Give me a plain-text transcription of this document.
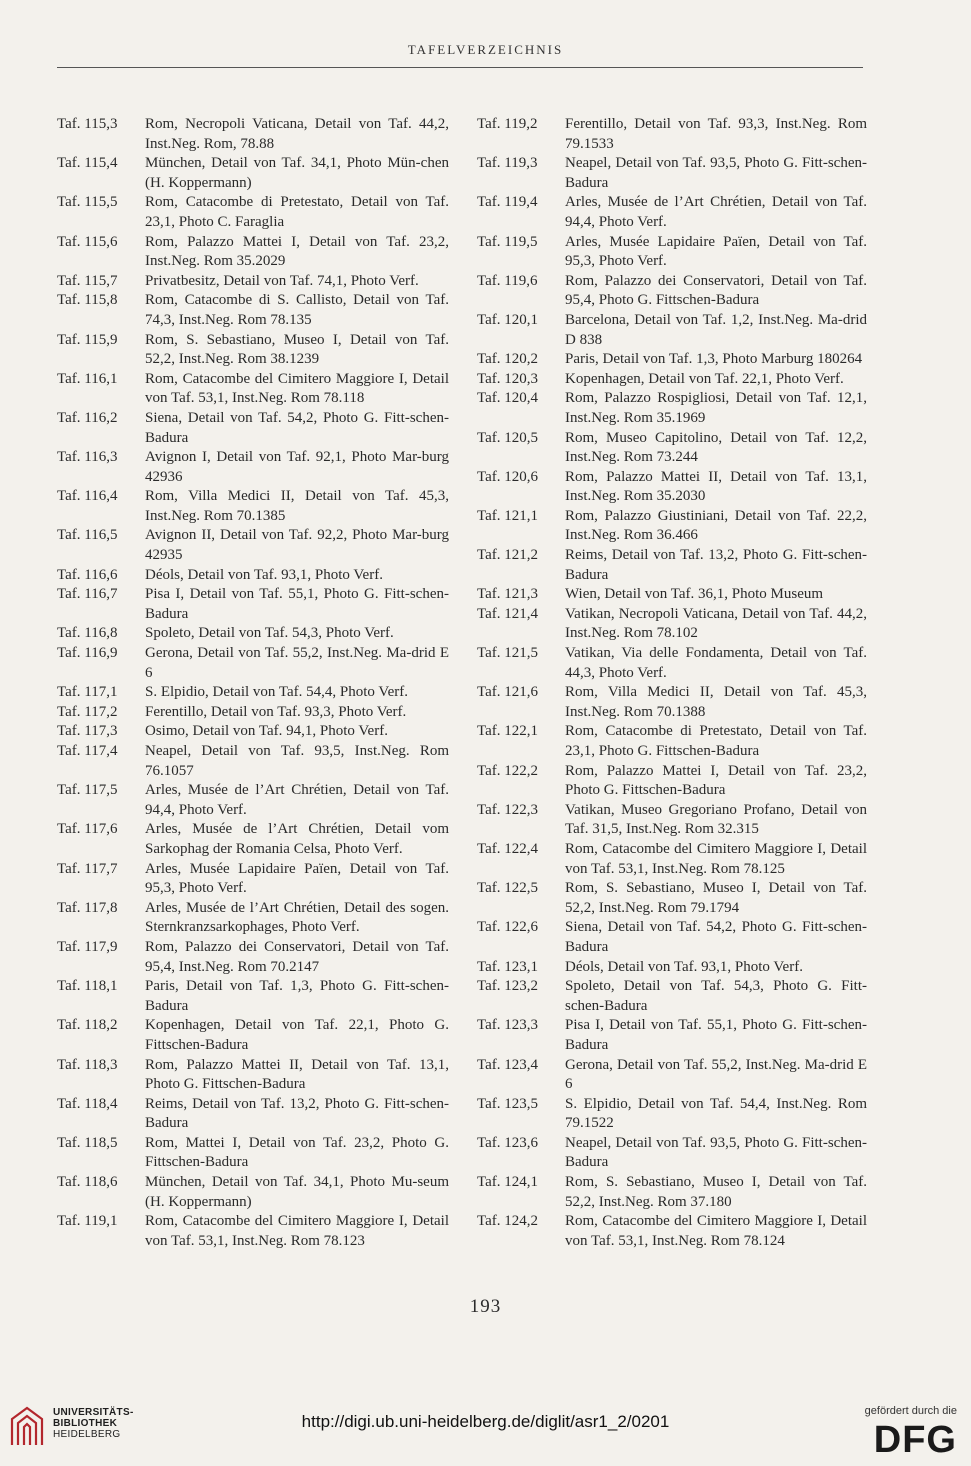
TAFELVERZEICHNIS
Taf. 115,3	Rom, Necropoli Vaticana, Detail von Taf. 44,2, Inst.Neg. Rom, 78.88
Taf. 115,4	München, Detail von Taf. 34,1, Photo Mün-chen (H. Koppermann)
Taf. 115,5	Rom, Catacombe di Pretestato, Detail von Taf. 23,1, Photo C. Faraglia
Taf. 115,6	Rom, Palazzo Mattei I, Detail von Taf. 23,2, Inst.Neg. Rom 35.2029
Taf. 115,7	Privatbesitz, Detail von Taf. 74,1, Photo Verf.
Taf. 115,8	Rom, Catacombe di S. Callisto, Detail von Taf. 74,3, Inst.Neg. Rom 78.135
Taf. 115,9	Rom, S. Sebastiano, Museo I, Detail von Taf. 52,2, Inst.Neg. Rom 38.1239
Taf. 116,1	Rom, Catacombe del Cimitero Maggiore I, Detail von Taf. 53,1, Inst.Neg. Rom 78.118
Taf. 116,2	Siena, Detail von Taf. 54,2, Photo G. Fitt-schen-Badura
Taf. 116,3	Avignon I, Detail von Taf. 92,1, Photo Mar-burg 42936
Taf. 116,4	Rom, Villa Medici II, Detail von Taf. 45,3, Inst.Neg. Rom 70.1385
Taf. 116,5	Avignon II, Detail von Taf. 92,2, Photo Mar-burg 42935
Taf. 116,6	Déols, Detail von Taf. 93,1, Photo Verf.
Taf. 116,7	Pisa I, Detail von Taf. 55,1, Photo G. Fitt-schen-Badura
Taf. 116,8	Spoleto, Detail von Taf. 54,3, Photo Verf.
Taf. 116,9	Gerona, Detail von Taf. 55,2, Inst.Neg. Ma-drid E 6
Taf. 117,1	S. Elpidio, Detail von Taf. 54,4, Photo Verf.
Taf. 117,2	Ferentillo, Detail von Taf. 93,3, Photo Verf.
Taf. 117,3	Osimo, Detail von Taf. 94,1, Photo Verf.
Taf. 117,4	Neapel, Detail von Taf. 93,5, Inst.Neg. Rom 76.1057
Taf. 117,5	Arles, Musée de l’Art Chrétien, Detail von Taf. 94,4, Photo Verf.
Taf. 117,6	Arles, Musée de l’Art Chrétien, Detail vom Sarkophag der Romania Celsa, Photo Verf.
Taf. 117,7	Arles, Musée Lapidaire Païen, Detail von Taf. 95,3, Photo Verf.
Taf. 117,8	Arles, Musée de l’Art Chrétien, Detail des sogen. Sternkranzsarkophages, Photo Verf.
Taf. 117,9	Rom, Palazzo dei Conservatori, Detail von Taf. 95,4, Inst.Neg. Rom 70.2147
Taf. 118,1	Paris, Detail von Taf. 1,3, Photo G. Fitt-schen-Badura
Taf. 118,2	Kopenhagen, Detail von Taf. 22,1, Photo G. Fittschen-Badura
Taf. 118,3	Rom, Palazzo Mattei II, Detail von Taf. 13,1, Photo G. Fittschen-Badura
Taf. 118,4	Reims, Detail von Taf. 13,2, Photo G. Fitt-schen-Badura
Taf. 118,5	Rom, Mattei I, Detail von Taf. 23,2, Photo G. Fittschen-Badura
Taf. 118,6	München, Detail von Taf. 34,1, Photo Mu-seum (H. Koppermann)
Taf. 119,1	Rom, Catacombe del Cimitero Maggiore I, Detail von Taf. 53,1, Inst.Neg. Rom 78.123
Taf. 119,2	Ferentillo, Detail von Taf. 93,3, Inst.Neg. Rom 79.1533
Taf. 119,3	Neapel, Detail von Taf. 93,5, Photo G. Fitt-schen-Badura
Taf. 119,4	Arles, Musée de l’Art Chrétien, Detail von Taf. 94,4, Photo Verf.
Taf. 119,5	Arles, Musée Lapidaire Païen, Detail von Taf. 95,3, Photo Verf.
Taf. 119,6	Rom, Palazzo dei Conservatori, Detail von Taf. 95,4, Photo G. Fittschen-Badura
Taf. 120,1	Barcelona, Detail von Taf. 1,2, Inst.Neg. Ma-drid D 838
Taf. 120,2	Paris, Detail von Taf. 1,3, Photo Marburg 180264
Taf. 120,3	Kopenhagen, Detail von Taf. 22,1, Photo Verf.
Taf. 120,4	Rom, Palazzo Rospigliosi, Detail von Taf. 12,1, Inst.Neg. Rom 35.1969
Taf. 120,5	Rom, Museo Capitolino, Detail von Taf. 12,2, Inst.Neg. Rom 73.244
Taf. 120,6	Rom, Palazzo Mattei II, Detail von Taf. 13,1, Inst.Neg. Rom 35.2030
Taf. 121,1	Rom, Palazzo Giustiniani, Detail von Taf. 22,2, Inst.Neg. Rom 36.466
Taf. 121,2	Reims, Detail von Taf. 13,2, Photo G. Fitt-schen-Badura
Taf. 121,3	Wien, Detail von Taf. 36,1, Photo Museum
Taf. 121,4	Vatikan, Necropoli Vaticana, Detail von Taf. 44,2, Inst.Neg. Rom 78.102
Taf. 121,5	Vatikan, Via delle Fondamenta, Detail von Taf. 44,3, Photo Verf.
Taf. 121,6	Rom, Villa Medici II, Detail von Taf. 45,3, Inst.Neg. Rom 70.1388
Taf. 122,1	Rom, Catacombe di Pretestato, Detail von Taf. 23,1, Photo G. Fittschen-Badura
Taf. 122,2	Rom, Palazzo Mattei I, Detail von Taf. 23,2, Photo G. Fittschen-Badura
Taf. 122,3	Vatikan, Museo Gregoriano Profano, Detail von Taf. 31,5, Inst.Neg. Rom 32.315
Taf. 122,4	Rom, Catacombe del Cimitero Maggiore I, Detail von Taf. 53,1, Inst.Neg. Rom 78.125
Taf. 122,5	Rom, S. Sebastiano, Museo I, Detail von Taf. 52,2, Inst.Neg. Rom 79.1794
Taf. 122,6	Siena, Detail von Taf. 54,2, Photo G. Fitt-schen-Badura
Taf. 123,1	Déols, Detail von Taf. 93,1, Photo Verf.
Taf. 123,2	Spoleto, Detail von Taf. 54,3, Photo G. Fitt-schen-Badura
Taf. 123,3	Pisa I, Detail von Taf. 55,1, Photo G. Fitt-schen-Badura
Taf. 123,4	Gerona, Detail von Taf. 55,2, Inst.Neg. Ma-drid E 6
Taf. 123,5	S. Elpidio, Detail von Taf. 54,4, Inst.Neg. Rom 79.1522
Taf. 123,6	Neapel, Detail von Taf. 93,5, Photo G. Fitt-schen-Badura
Taf. 124,1	Rom, S. Sebastiano, Museo I, Detail von Taf. 52,2, Inst.Neg. Rom 37.180
Taf. 124,2	Rom, Catacombe del Cimitero Maggiore I, Detail von Taf. 53,1, Inst.Neg. Rom 78.124
193
UNIVERSITÄTS-
BIBLIOTHEK
HEIDELBERG
http://digi.ub.uni-heidelberg.de/diglit/asr1_2/0201
gefördert durch die
DFG
